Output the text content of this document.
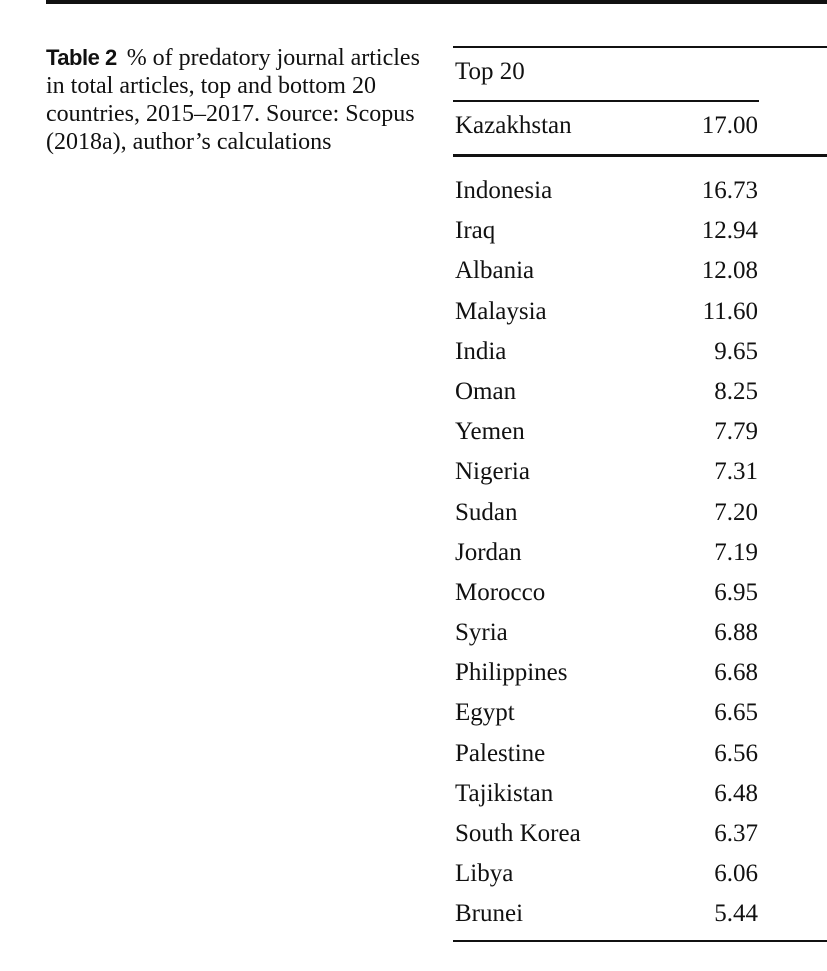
Table 2 % of predatory journal articles in total articles, top and bottom 20 countries, 2015–2017. Source: Scopus (2018a), author’s calculations
Top 20
Kazakhstan	17.00
Indonesia	16.73
Iraq	12.94
Albania	12.08
Malaysia	11.60
India	9.65
Oman	8.25
Yemen	7.79
Nigeria	7.31
Sudan	7.20
Jordan	7.19
Morocco	6.95
Syria	6.88
Philippines	6.68
Egypt	6.65
Palestine	6.56
Tajikistan	6.48
South Korea	6.37
Libya	6.06
Brunei	5.44
